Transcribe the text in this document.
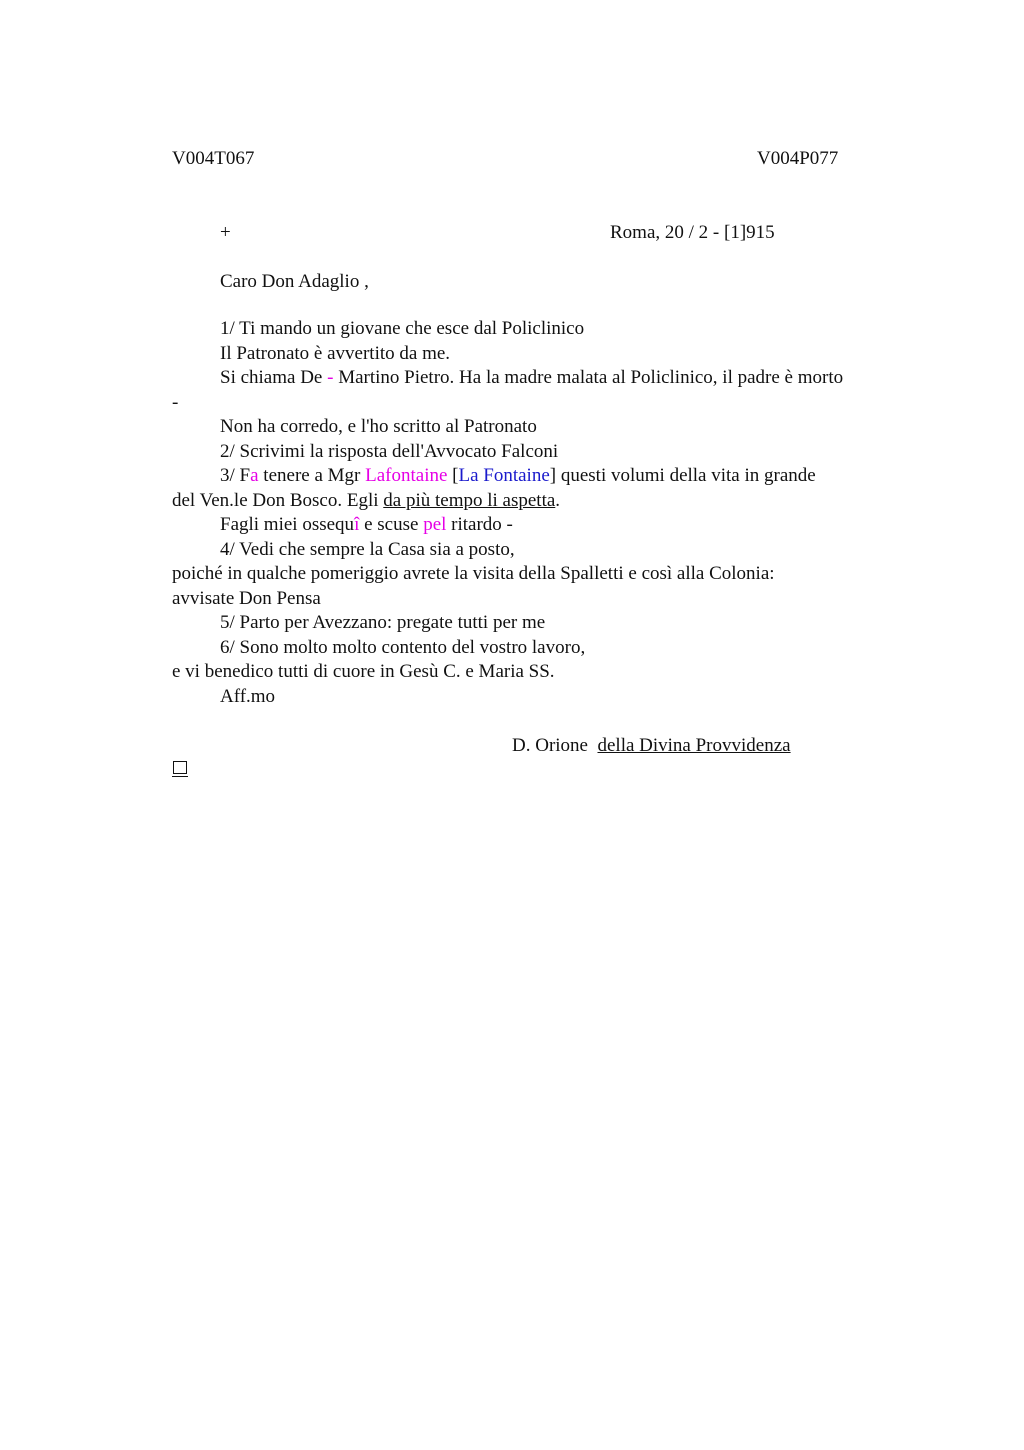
V004T067	V004P077
+	Roma, 20 / 2 - [1]915
Caro Don Adaglio ,
1/ Ti mando un giovane che esce dal Policlinico
Il Patronato è avvertito da me.
Si chiama De - Martino Pietro. Ha la madre malata al Policlinico, il padre è morto
-
Non ha corredo, e l'ho scritto al Patronato
2/ Scrivimi la risposta dell'Avvocato Falconi
3/ Fa tenere a Mgr Lafontaine [La Fontaine] questi volumi della vita in grande
del Ven.le Don Bosco. Egli da più tempo li aspetta.
Fagli miei ossequî e scuse pel ritardo -
4/ Vedi che sempre la Casa sia a posto,
poiché in qualche pomeriggio avrete la visita della Spalletti e così alla Colonia:
avvisate Don Pensa
5/ Parto per Avezzano: pregate tutti per me
6/ Sono molto molto contento del vostro lavoro,
e vi benedico tutti di cuore in Gesù C. e Maria SS.
Aff.mo
D. Orione  della Divina Provvidenza
